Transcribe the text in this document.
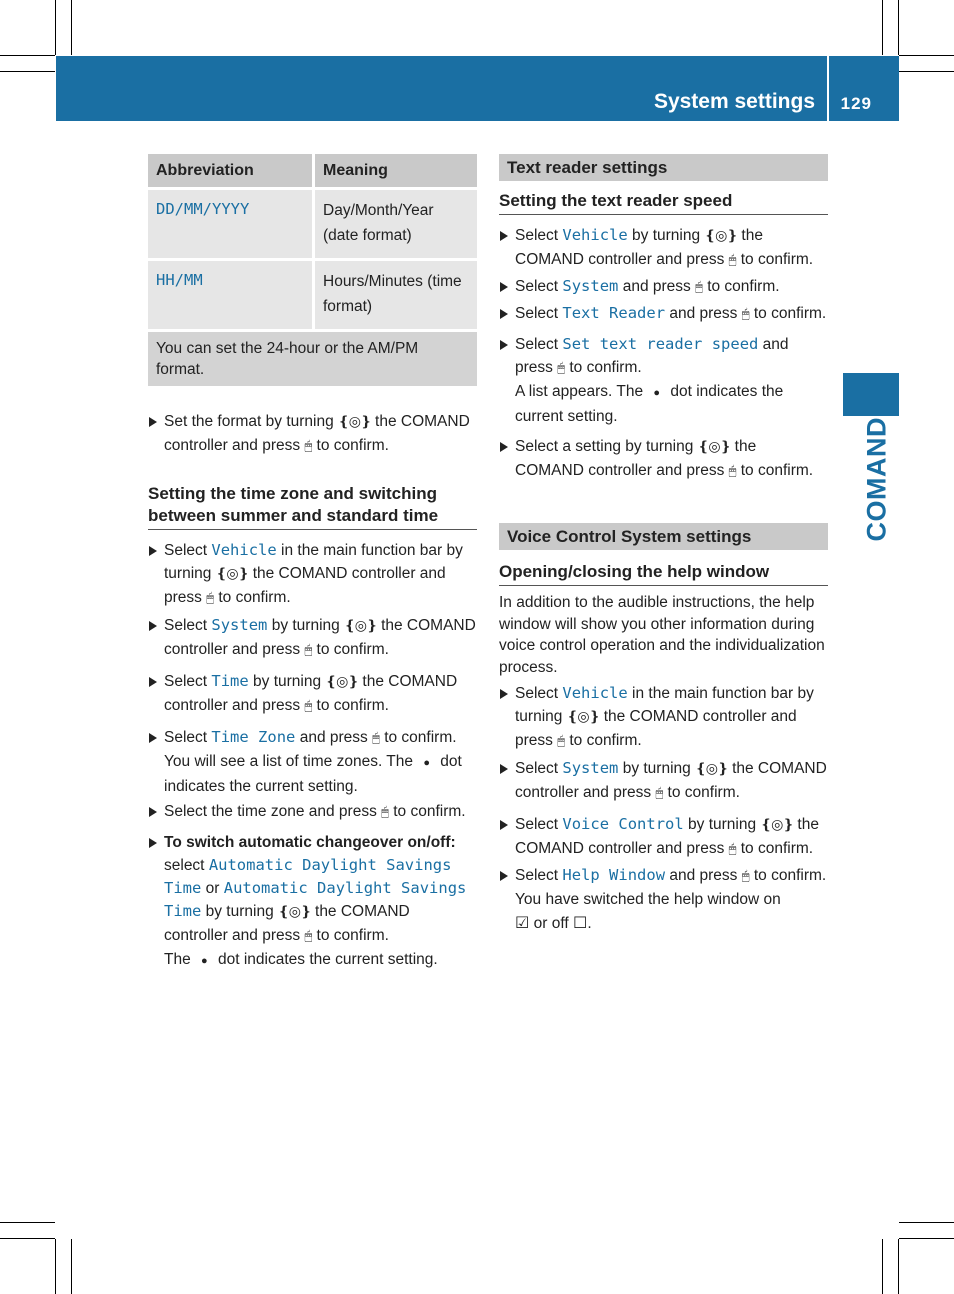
System settings 129
COMAND
Abbreviation	Meaning
DD/MM/YYYY	Day/Month/Year (date format)
HH/MM	Hours/Minutes (time format)
You can set the 24-hour or the AM/PM format.

Set the format by turning ❴◎❵ the COMAND controller and press 🖱 to confirm.

Setting the time zone and switching between summer and standard time

Select Vehicle in the main function bar by turning ❴◎❵ the COMAND controller and press 🖱 to confirm.

Select System by turning ❴◎❵ the COMAND controller and press 🖱 to confirm.

Select Time by turning ❴◎❵ the COMAND controller and press 🖱 to confirm.

Select Time Zone and press 🖱 to confirm.
You will see a list of time zones. The ● dot indicates the current setting.

Select the time zone and press 🖱 to confirm.

To switch automatic changeover on/off: select Automatic Daylight Savings Time or Automatic Daylight Savings Time by turning ❴◎❵ the COMAND controller and press 🖱 to confirm.
The ● dot indicates the current setting.

Text reader settings
Setting the text reader speed

Select Vehicle by turning ❴◎❵ the COMAND controller and press 🖱 to confirm.

Select System and press 🖱 to confirm.

Select Text Reader and press 🖱 to confirm.

Select Set text reader speed and press 🖱 to confirm.
A list appears. The ● dot indicates the current setting.

Select a setting by turning ❴◎❵ the COMAND controller and press 🖱 to confirm.

Voice Control System settings
Opening/closing the help window

In addition to the audible instructions, the help window will show you other information during voice control operation and the individualization process.

Select Vehicle in the main function bar by turning ❴◎❵ the COMAND controller and press 🖱 to confirm.

Select System by turning ❴◎❵ the COMAND controller and press 🖱 to confirm.

Select Voice Control by turning ❴◎❵ the COMAND controller and press 🖱 to confirm.

Select Help Window and press 🖱 to confirm.
You have switched the help window on
☑ or off ☐.
